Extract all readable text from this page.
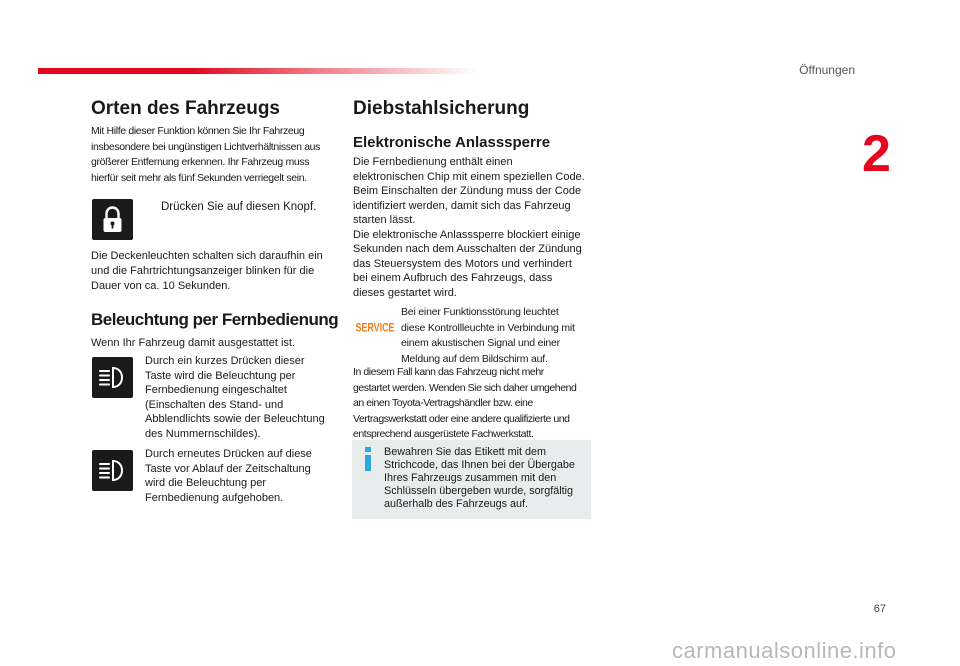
Öffnungen
2
Orten des Fahrzeugs
Mit Hilfe dieser Funktion können Sie Ihr Fahrzeug
insbesondere bei ungünstigen Lichtverhältnissen aus
größerer Entfernung erkennen. Ihr Fahrzeug muss
hierfür seit mehr als fünf Sekunden verriegelt sein.
Drücken Sie auf diesen Knopf.
Die Deckenleuchten schalten sich daraufhin ein
und die Fahrtrichtungsanzeiger blinken für die
Dauer von ca. 10 Sekunden.
Beleuchtung per Fernbedienung
Wenn Ihr Fahrzeug damit ausgestattet ist.
Durch ein kurzes Drücken dieser
Taste wird die Beleuchtung per
Fernbedienung eingeschaltet
(Einschalten des Stand- und
Abblendlichts sowie der Beleuchtung
des Nummernschildes).
Durch erneutes Drücken auf diese
Taste vor Ablauf der Zeitschaltung
wird die Beleuchtung per
Fernbedienung aufgehoben.
Diebstahlsicherung
Elektronische Anlasssperre
Die Fernbedienung enthält einen
elektronischen Chip mit einem speziellen Code.
Beim Einschalten der Zündung muss der Code
identifiziert werden, damit sich das Fahrzeug
starten lässt.
Die elektronische Anlasssperre blockiert einige
Sekunden nach dem Ausschalten der Zündung
das Steuersystem des Motors und verhindert
bei einem Aufbruch des Fahrzeugs, dass
dieses gestartet wird.
SERVICE
Bei einer Funktionsstörung leuchtet
diese Kontrollleuchte in Verbindung mit
einem akustischen Signal und einer
Meldung auf dem Bildschirm auf.
In diesem Fall kann das Fahrzeug nicht mehr
gestartet werden. Wenden Sie sich daher umgehend
an einen Toyota-Vertragshändler bzw. eine
Vertragswerkstatt oder eine andere qualifizierte und
entsprechend ausgerüstete Fachwerkstatt.
Bewahren Sie das Etikett mit dem
Strichcode, das Ihnen bei der Übergabe
Ihres Fahrzeugs zusammen mit den
Schlüsseln übergeben wurde, sorgfältig
außerhalb des Fahrzeugs auf.
67
carmanualsonline.info
